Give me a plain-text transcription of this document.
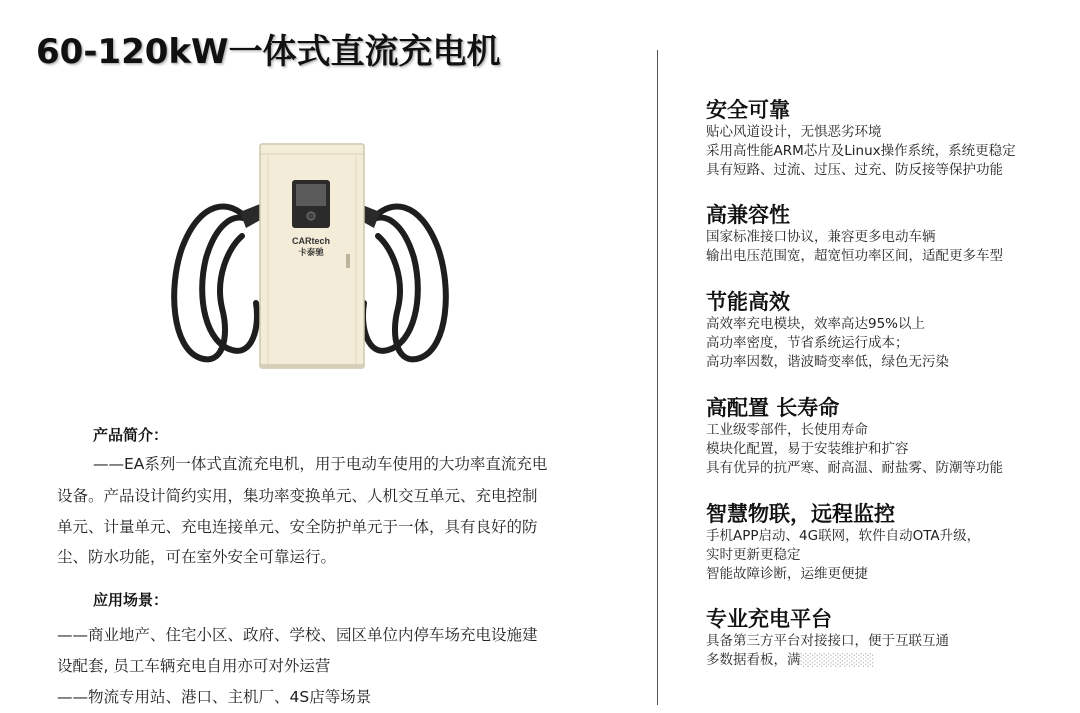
60-120kW一体式直流充电机
CARtech
卡泰驰
产品简介：
——EA系列一体式直流充电机，用于电动车使用的大功率直流充电
设备。产品设计简约实用，集功率变换单元、人机交互单元、充电控制
单元、计量单元、充电连接单元、安全防护单元于一体，具有良好的防
尘、防水功能，可在室外安全可靠运行。
应用场景：
——商业地产、住宅小区、政府、学校、园区单位内停车场充电设施建
设配套, 员工车辆充电自用亦可对外运营
——物流专用站、港口、主机厂、4S店等场景
安全可靠
贴心风道设计，无惧恶劣环境
采用高性能ARM芯片及Linux操作系统，系统更稳定
具有短路、过流、过压、过充、防反接等保护功能
高兼容性
国家标准接口协议，兼容更多电动车辆
输出电压范围宽，超宽恒功率区间，适配更多车型
节能高效
高效率充电模块，效率高达95%以上
高功率密度，节省系统运行成本；
高功率因数，谐波畸变率低，绿色无污染
高配置 长寿命
工业级零部件，长使用寿命
模块化配置，易于安装维护和扩容
具有优异的抗严寒、耐高温、耐盐雾、防潮等功能
智慧物联，远程监控
手机APP启动、4G联网，软件自动OTA升级，
实时更新更稳定
智能故障诊断，运维更便捷
专业充电平台
具备第三方平台对接接口，便于互联互通
多数据看板，满░░░░░░░░
